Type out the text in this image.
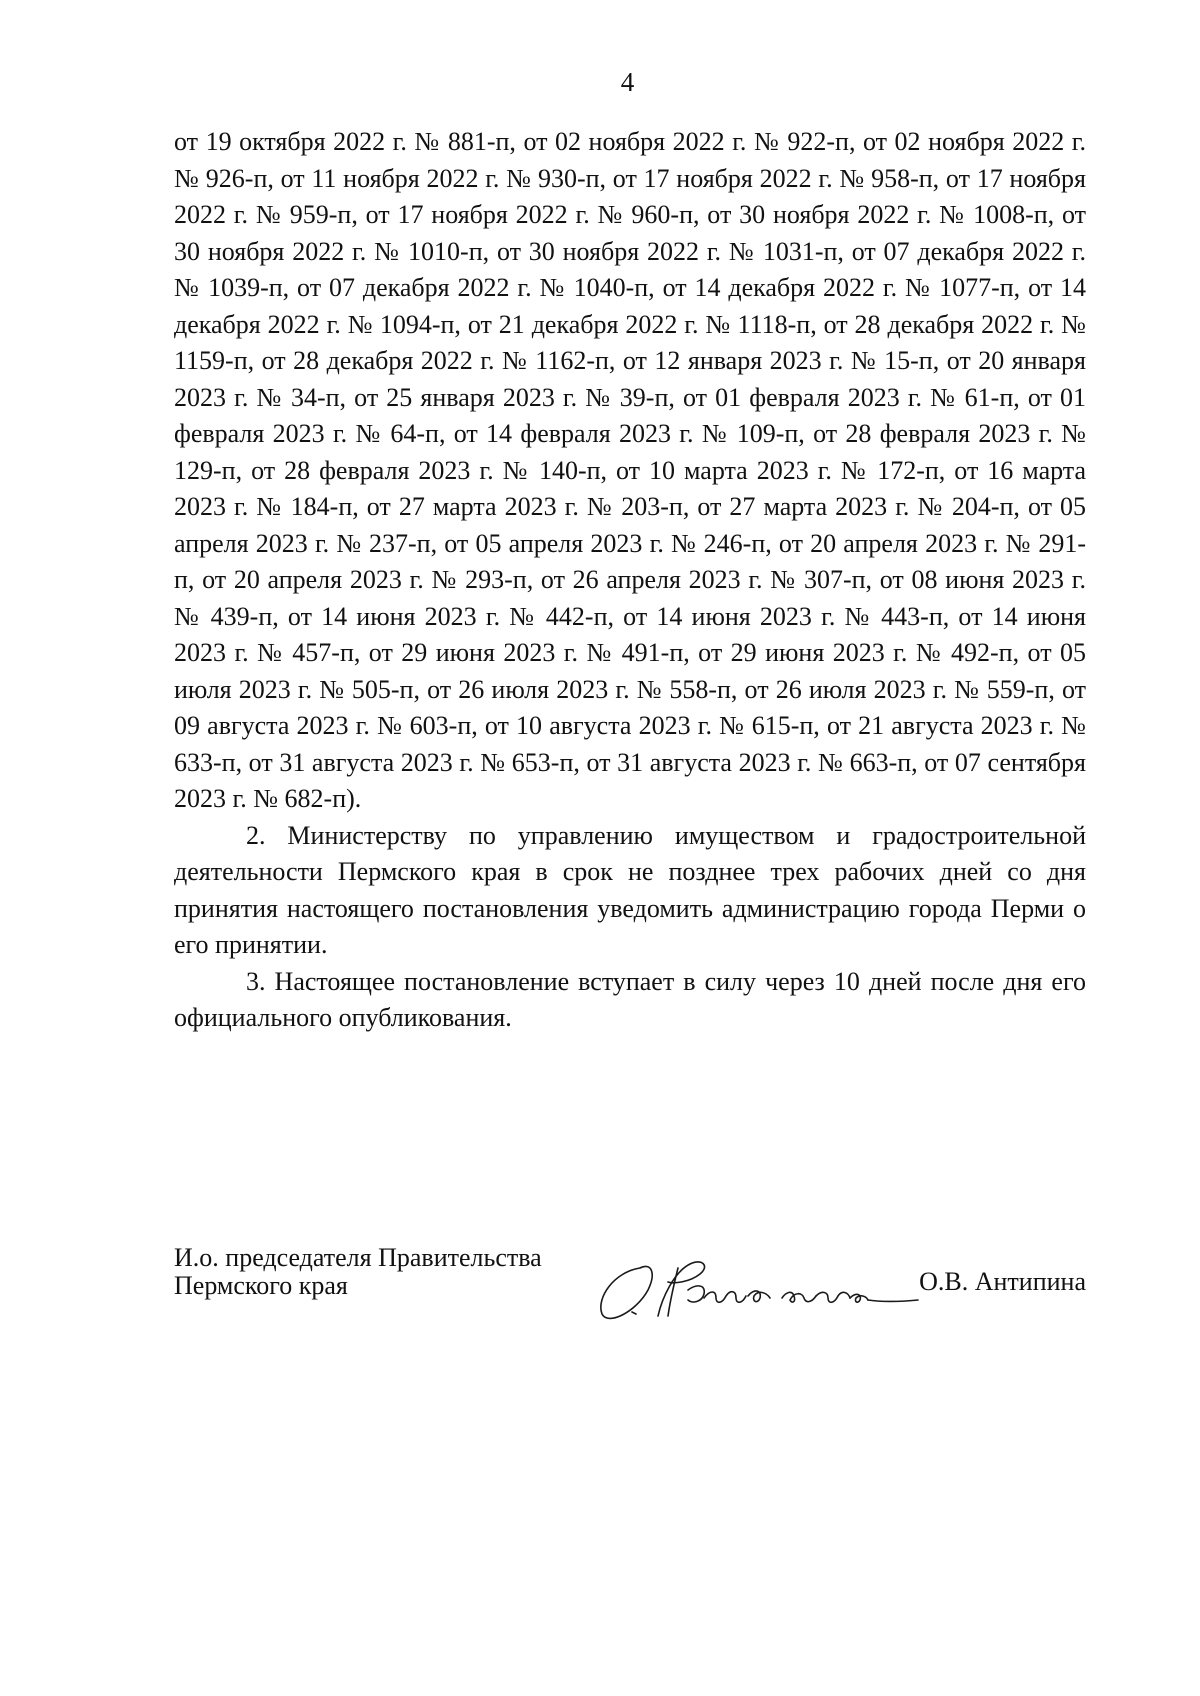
4

от 19 октября 2022 г. № 881-п, от 02 ноября 2022 г. № 922-п, от 02 ноября 2022 г. № 926-п, от 11 ноября 2022 г. № 930-п, от 17 ноября 2022 г. № 958-п, от 17 ноября 2022 г. № 959-п, от 17 ноября 2022 г. № 960-п, от 30 ноября 2022 г. № 1008-п, от 30 ноября 2022 г. № 1010-п, от 30 ноября 2022 г. № 1031-п, от 07 декабря 2022 г. № 1039-п, от 07 декабря 2022 г. № 1040-п, от 14 декабря 2022 г. № 1077-п, от 14 декабря 2022 г. № 1094-п, от 21 декабря 2022 г. № 1118-п, от 28 декабря 2022 г. № 1159-п, от 28 декабря 2022 г. № 1162-п, от 12 января 2023 г. № 15-п, от 20 января 2023 г. № 34-п, от 25 января 2023 г. № 39-п, от 01 февраля 2023 г. № 61-п, от 01 февраля 2023 г. № 64-п, от 14 февраля 2023 г. № 109-п, от 28 февраля 2023 г. № 129-п, от 28 февраля 2023 г. № 140-п, от 10 марта 2023 г. № 172-п, от 16 марта 2023 г. № 184-п, от 27 марта 2023 г. № 203-п, от 27 марта 2023 г. № 204-п, от 05 апреля 2023 г. № 237-п, от 05 апреля 2023 г. № 246-п, от 20 апреля 2023 г. № 291-п, от 20 апреля 2023 г. № 293-п, от 26 апреля 2023 г. № 307-п, от 08 июня 2023 г. № 439-п, от 14 июня 2023 г. № 442-п, от 14 июня 2023 г. № 443-п, от 14 июня 2023 г. № 457-п, от 29 июня 2023 г. № 491-п, от 29 июня 2023 г. № 492-п, от 05 июля 2023 г. № 505-п, от 26 июля 2023 г. № 558-п, от 26 июля 2023 г. № 559-п, от 09 августа 2023 г. № 603-п, от 10 августа 2023 г. № 615-п, от 21 августа 2023 г. № 633-п, от 31 августа 2023 г. № 653-п, от 31 августа 2023 г. № 663-п, от 07 сентября 2023 г. № 682-п).

2. Министерству по управлению имуществом и градостроительной деятельности Пермского края в срок не позднее трех рабочих дней со дня принятия настоящего постановления уведомить администрацию города Перми о его принятии.

3. Настоящее постановление вступает в силу через 10 дней после дня его официального опубликования.

И.о. председателя Правительства
Пермского края	О.В. Антипина
